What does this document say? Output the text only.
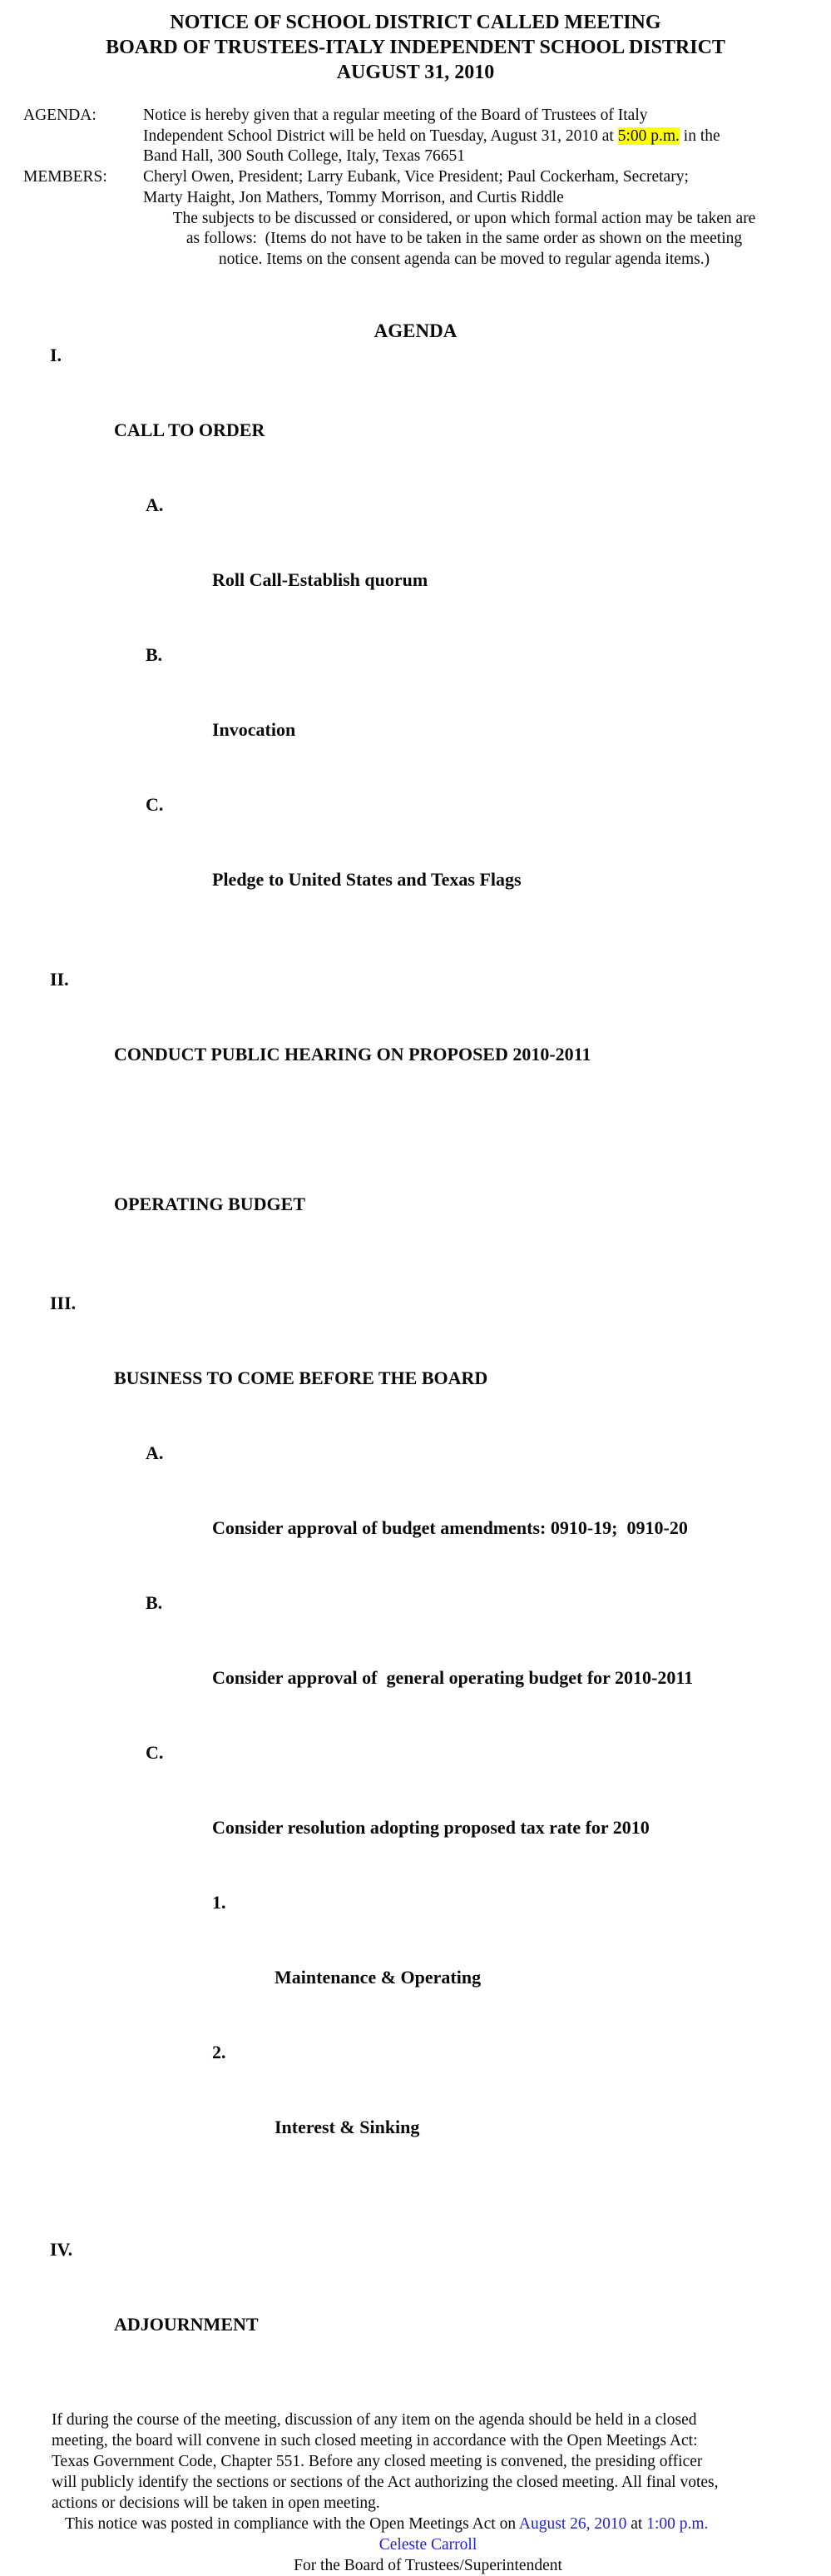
NOTICE OF SCHOOL DISTRICT CALLED MEETING
BOARD OF TRUSTEES-ITALY INDEPENDENT SCHOOL DISTRICT
AUGUST 31, 2010
AGENDA:	Notice is hereby given that a regular meeting of the Board of Trustees of Italy
Independent School District will be held on Tuesday, August 31, 2010 at 5:00 p.m. in the
Band Hall, 300 South College, Italy, Texas 76651
MEMBERS: Cheryl Owen, President; Larry Eubank, Vice President; Paul Cockerham, Secretary;
Marty Haight, Jon Mathers, Tommy Morrison, and Curtis Riddle
The subjects to be discussed or considered, or upon which formal action may be taken are
as follows:  (Items do not have to be taken in the same order as shown on the meeting
notice. Items on the consent agenda can be moved to regular agenda items.)
AGENDA

I.

CALL TO ORDER

A.

Roll Call-Establish quorum

B.

Invocation

C.

Pledge to United States and Texas Flags

II.

CONDUCT PUBLIC HEARING ON PROPOSED 2010-2011

OPERATING BUDGET

III.

BUSINESS TO COME BEFORE THE BOARD

A.

Consider approval of budget amendments: 0910-19;  0910-20

B.

Consider approval of  general operating budget for 2010-2011

C.

Consider resolution adopting proposed tax rate for 2010

1.

Maintenance & Operating

2.

Interest & Sinking

IV.

ADJOURNMENT

If during the course of the meeting, discussion of any item on the agenda should be held in a closed
meeting, the board will convene in such closed meeting in accordance with the Open Meetings Act:
Texas Government Code, Chapter 551. Before any closed meeting is convened, the presiding officer
will publicly identify the sections or sections of the Act authorizing the closed meeting. All final votes,
actions or decisions will be taken in open meeting.
This notice was posted in compliance with the Open Meetings Act on August 26, 2010 at 1:00 p.m.
Celeste Carroll
For the Board of Trustees/Superintendent
